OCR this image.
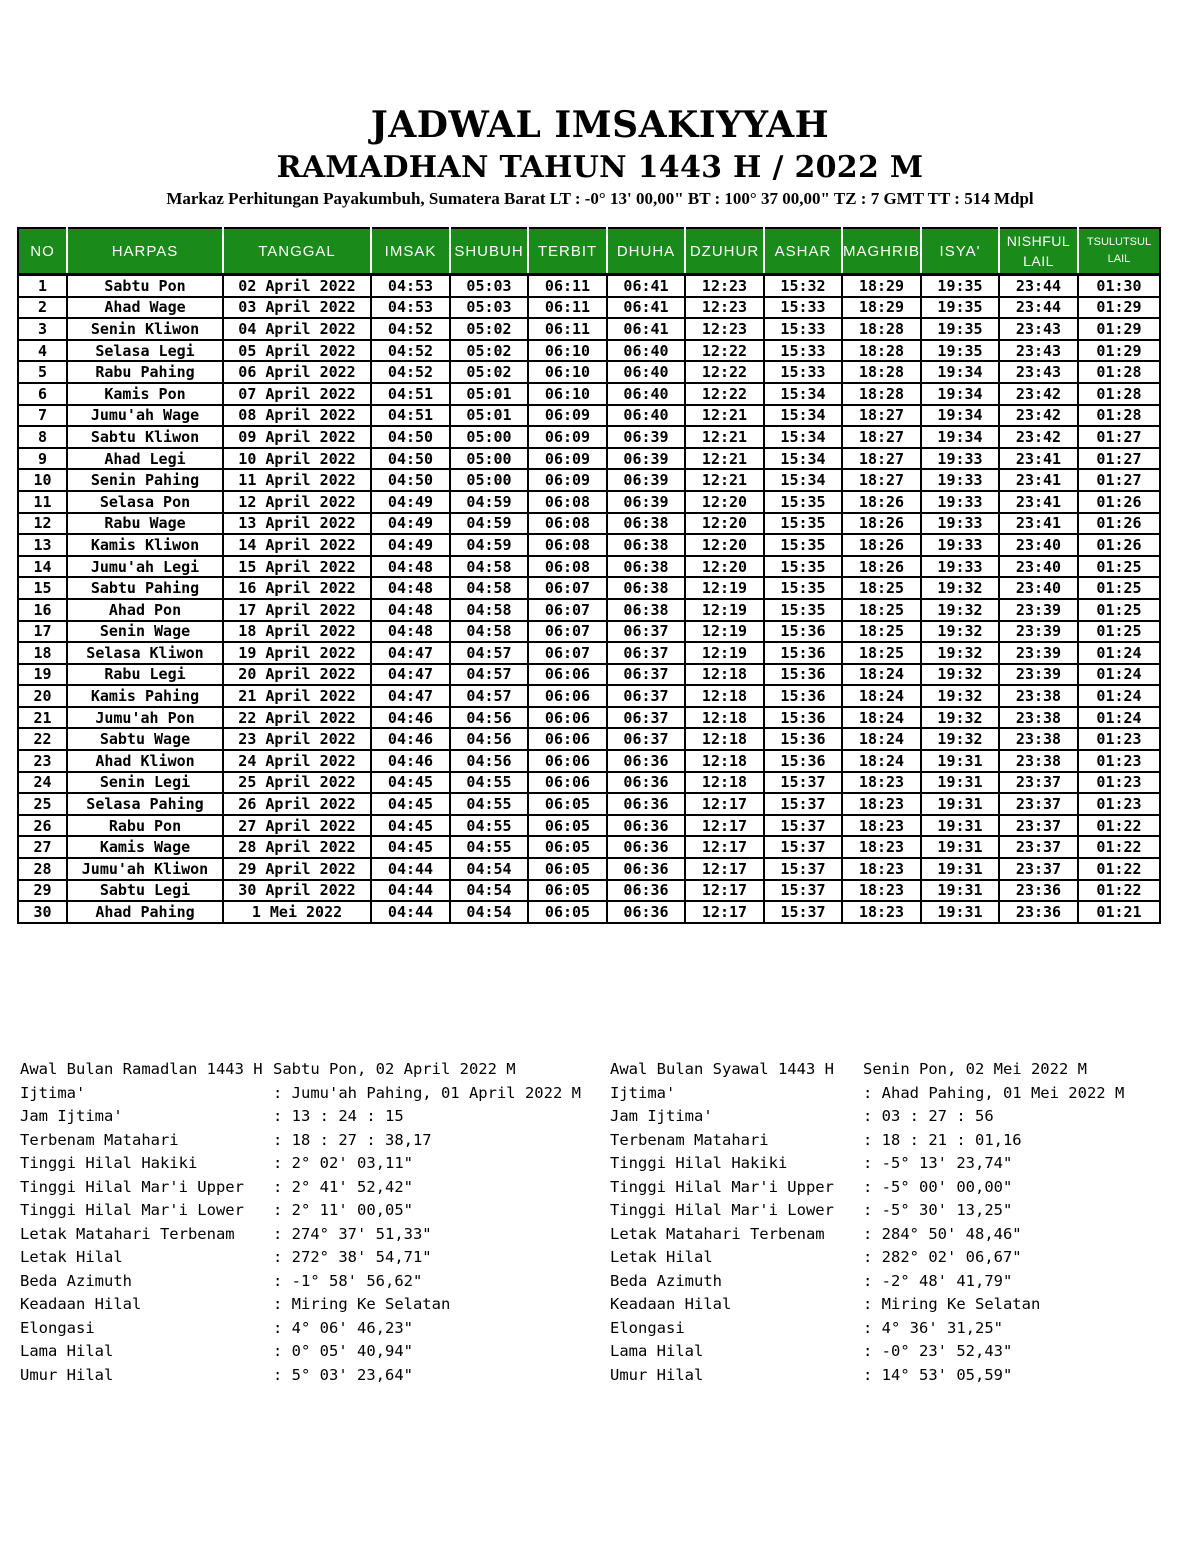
JADWAL IMSAKIYYAH
RAMADHAN TAHUN 1443 H / 2022 M
Markaz Perhitungan Payakumbuh, Sumatera Barat LT : -0° 13' 00,00" BT : 100° 37 00,00" TZ : 7 GMT TT : 514 Mdpl
NO	HARPAS	TANGGAL	IMSAK	SHUBUH	TERBIT	DHUHA	DZUHUR	ASHAR	MAGHRIB	ISYA'	NISHFUL LAIL	TSULUTSUL LAIL
1	Sabtu Pon	02 April 2022	04:53	05:03	06:11	06:41	12:23	15:32	18:29	19:35	23:44	01:30
2	Ahad Wage	03 April 2022	04:53	05:03	06:11	06:41	12:23	15:33	18:29	19:35	23:44	01:29
3	Senin Kliwon	04 April 2022	04:52	05:02	06:11	06:41	12:23	15:33	18:28	19:35	23:43	01:29
4	Selasa Legi	05 April 2022	04:52	05:02	06:10	06:40	12:22	15:33	18:28	19:35	23:43	01:29
5	Rabu Pahing	06 April 2022	04:52	05:02	06:10	06:40	12:22	15:33	18:28	19:34	23:43	01:28
6	Kamis Pon	07 April 2022	04:51	05:01	06:10	06:40	12:22	15:34	18:28	19:34	23:42	01:28
7	Jumu'ah Wage	08 April 2022	04:51	05:01	06:09	06:40	12:21	15:34	18:27	19:34	23:42	01:28
8	Sabtu Kliwon	09 April 2022	04:50	05:00	06:09	06:39	12:21	15:34	18:27	19:34	23:42	01:27
9	Ahad Legi	10 April 2022	04:50	05:00	06:09	06:39	12:21	15:34	18:27	19:33	23:41	01:27
10	Senin Pahing	11 April 2022	04:50	05:00	06:09	06:39	12:21	15:34	18:27	19:33	23:41	01:27
11	Selasa Pon	12 April 2022	04:49	04:59	06:08	06:39	12:20	15:35	18:26	19:33	23:41	01:26
12	Rabu Wage	13 April 2022	04:49	04:59	06:08	06:38	12:20	15:35	18:26	19:33	23:41	01:26
13	Kamis Kliwon	14 April 2022	04:49	04:59	06:08	06:38	12:20	15:35	18:26	19:33	23:40	01:26
14	Jumu'ah Legi	15 April 2022	04:48	04:58	06:08	06:38	12:20	15:35	18:26	19:33	23:40	01:25
15	Sabtu Pahing	16 April 2022	04:48	04:58	06:07	06:38	12:19	15:35	18:25	19:32	23:40	01:25
16	Ahad Pon	17 April 2022	04:48	04:58	06:07	06:38	12:19	15:35	18:25	19:32	23:39	01:25
17	Senin Wage	18 April 2022	04:48	04:58	06:07	06:37	12:19	15:36	18:25	19:32	23:39	01:25
18	Selasa Kliwon	19 April 2022	04:47	04:57	06:07	06:37	12:19	15:36	18:25	19:32	23:39	01:24
19	Rabu Legi	20 April 2022	04:47	04:57	06:06	06:37	12:18	15:36	18:24	19:32	23:39	01:24
20	Kamis Pahing	21 April 2022	04:47	04:57	06:06	06:37	12:18	15:36	18:24	19:32	23:38	01:24
21	Jumu'ah Pon	22 April 2022	04:46	04:56	06:06	06:37	12:18	15:36	18:24	19:32	23:38	01:24
22	Sabtu Wage	23 April 2022	04:46	04:56	06:06	06:37	12:18	15:36	18:24	19:32	23:38	01:23
23	Ahad Kliwon	24 April 2022	04:46	04:56	06:06	06:36	12:18	15:36	18:24	19:31	23:38	01:23
24	Senin Legi	25 April 2022	04:45	04:55	06:06	06:36	12:18	15:37	18:23	19:31	23:37	01:23
25	Selasa Pahing	26 April 2022	04:45	04:55	06:05	06:36	12:17	15:37	18:23	19:31	23:37	01:23
26	Rabu Pon	27 April 2022	04:45	04:55	06:05	06:36	12:17	15:37	18:23	19:31	23:37	01:22
27	Kamis Wage	28 April 2022	04:45	04:55	06:05	06:36	12:17	15:37	18:23	19:31	23:37	01:22
28	Jumu'ah Kliwon	29 April 2022	04:44	04:54	06:05	06:36	12:17	15:37	18:23	19:31	23:37	01:22
29	Sabtu Legi	30 April 2022	04:44	04:54	06:05	06:36	12:17	15:37	18:23	19:31	23:36	01:22
30	Ahad Pahing	1 Mei 2022	04:44	04:54	06:05	06:36	12:17	15:37	18:23	19:31	23:36	01:21
Awal Bulan Ramadlan 1443 H Sabtu Pon, 02 April 2022 M
Ijtima'	: Jumu'ah Pahing, 01 April 2022 M
Jam Ijtima'	: 13 : 24 : 15
Terbenam Matahari	: 18 : 27 : 38,17
Tinggi Hilal Hakiki	: 2° 02' 03,11"
Tinggi Hilal Mar'i Upper : 2° 41' 52,42"
Tinggi Hilal Mar'i Lower : 2° 11' 00,05"
Letak Matahari Terbenam : 274° 37' 51,33"
Letak Hilal	: 272° 38' 54,71"
Beda Azimuth	: -1° 58' 56,62"
Keadaan Hilal	: Miring Ke Selatan
Elongasi	: 4° 06' 46,23"
Lama Hilal	: 0° 05' 40,94"
Umur Hilal	: 5° 03' 23,64"
Awal Bulan Syawal 1443 H Senin Pon, 02 Mei 2022 M
Ijtima'	: Ahad Pahing, 01 Mei 2022 M
Jam Ijtima'	: 03 : 27 : 56
Terbenam Matahari	: 18 : 21 : 01,16
Tinggi Hilal Hakiki	: -5° 13' 23,74"
Tinggi Hilal Mar'i Upper : -5° 00' 00,00"
Tinggi Hilal Mar'i Lower : -5° 30' 13,25"
Letak Matahari Terbenam : 284° 50' 48,46"
Letak Hilal	: 282° 02' 06,67"
Beda Azimuth	: -2° 48' 41,79"
Keadaan Hilal	: Miring Ke Selatan
Elongasi	: 4° 36' 31,25"
Lama Hilal	: -0° 23' 52,43"
Umur Hilal	: 14° 53' 05,59"
